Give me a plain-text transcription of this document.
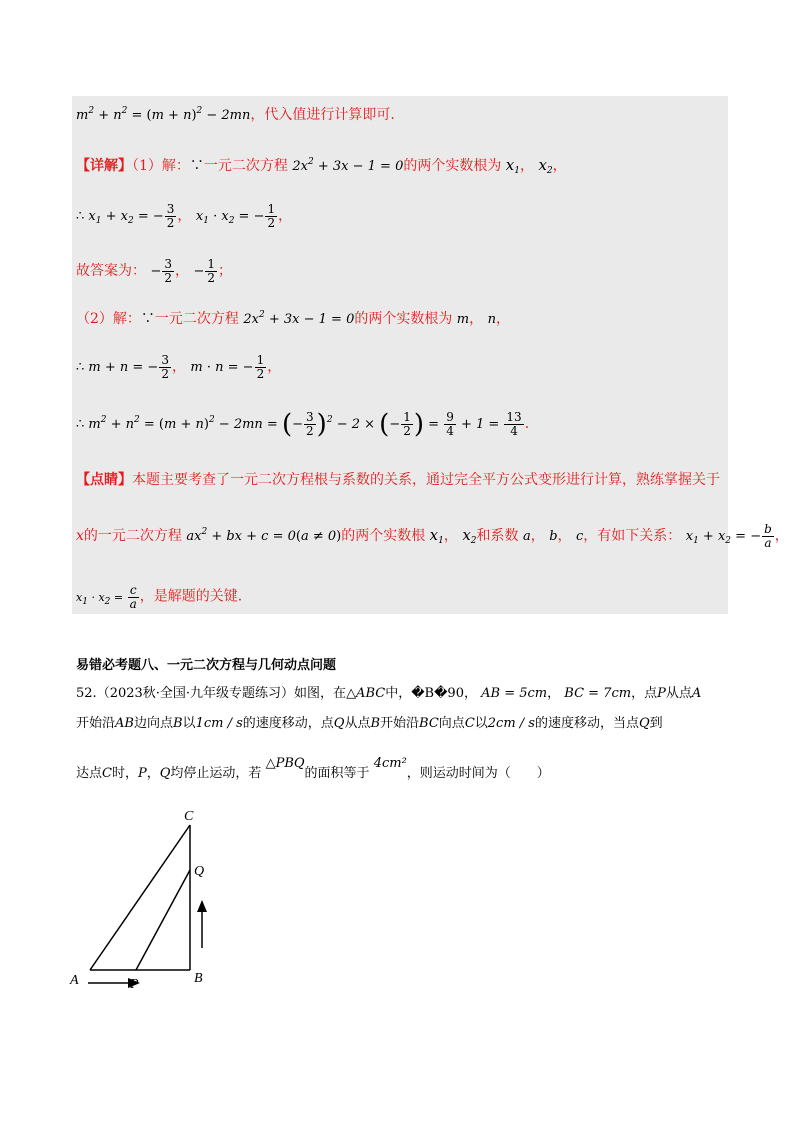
$m^2 + n^2 = (m + n)^2 - 2mn$，代入值进行计算即可.
【详解】（1）解：∵一元二次方程 $2x^2 + 3x - 1 = 0$的两个实数根为 $x_1$， $x_2$，
∴ $x_1 + x_2$ = − $\frac{3}{2}$ ， $x_1 \cdot x_2$ = − $\frac{1}{2}$ ，
故答案为： − $\frac{3}{2}$ ， − $\frac{1}{2}$ ；
（2）解：∵一元二次方程 $2x^2 + 3x - 1 = 0$的两个实数根为 m， n，
∴ m + n = − $\frac{3}{2}$ ， m · n = − $\frac{1}{2}$ ，
∴ $m^2 + n^2 = (m + n)^2 - 2mn$ = (− $\frac{3}{2} )^2 - 2$ × (− $\frac{1}{2}$ ) = $\frac{9}{4} + 1 = \frac{13}{4}$ .
【点睛】本题主要考查了一元二次方程根与系数的关系，通过完全平方公式变形进行计算，熟练掌握关于
x的一元二次方程 $ax^2$ + bx + c = 0(a ≠ 0)的两个实数根 $x_1$， $x_2$和系数 a， b， c，有如下关系： $x_1 + x_2$ = − $\frac{b}{a}$ ，
$x_1 \cdot x_2 = \frac{c}{a}$ ，是解题的关键.
易错必考题八、一元二次方程与几何动点问题
52.（2023秋·全国·九年级专题练习）如图，在△ABC中，�B�90， AB = 5cm， BC = 7cm，点P从点A
开始沿AB边向点B以1cm / s的速度移动，点Q从点B开始沿BC向点C以2cm / s的速度移动，当点Q到
达点C时，P，Q均停止运动，若 △PBQ的面积等于 4cm²，则运动时间为（　　）
A	B
C
P
Q
